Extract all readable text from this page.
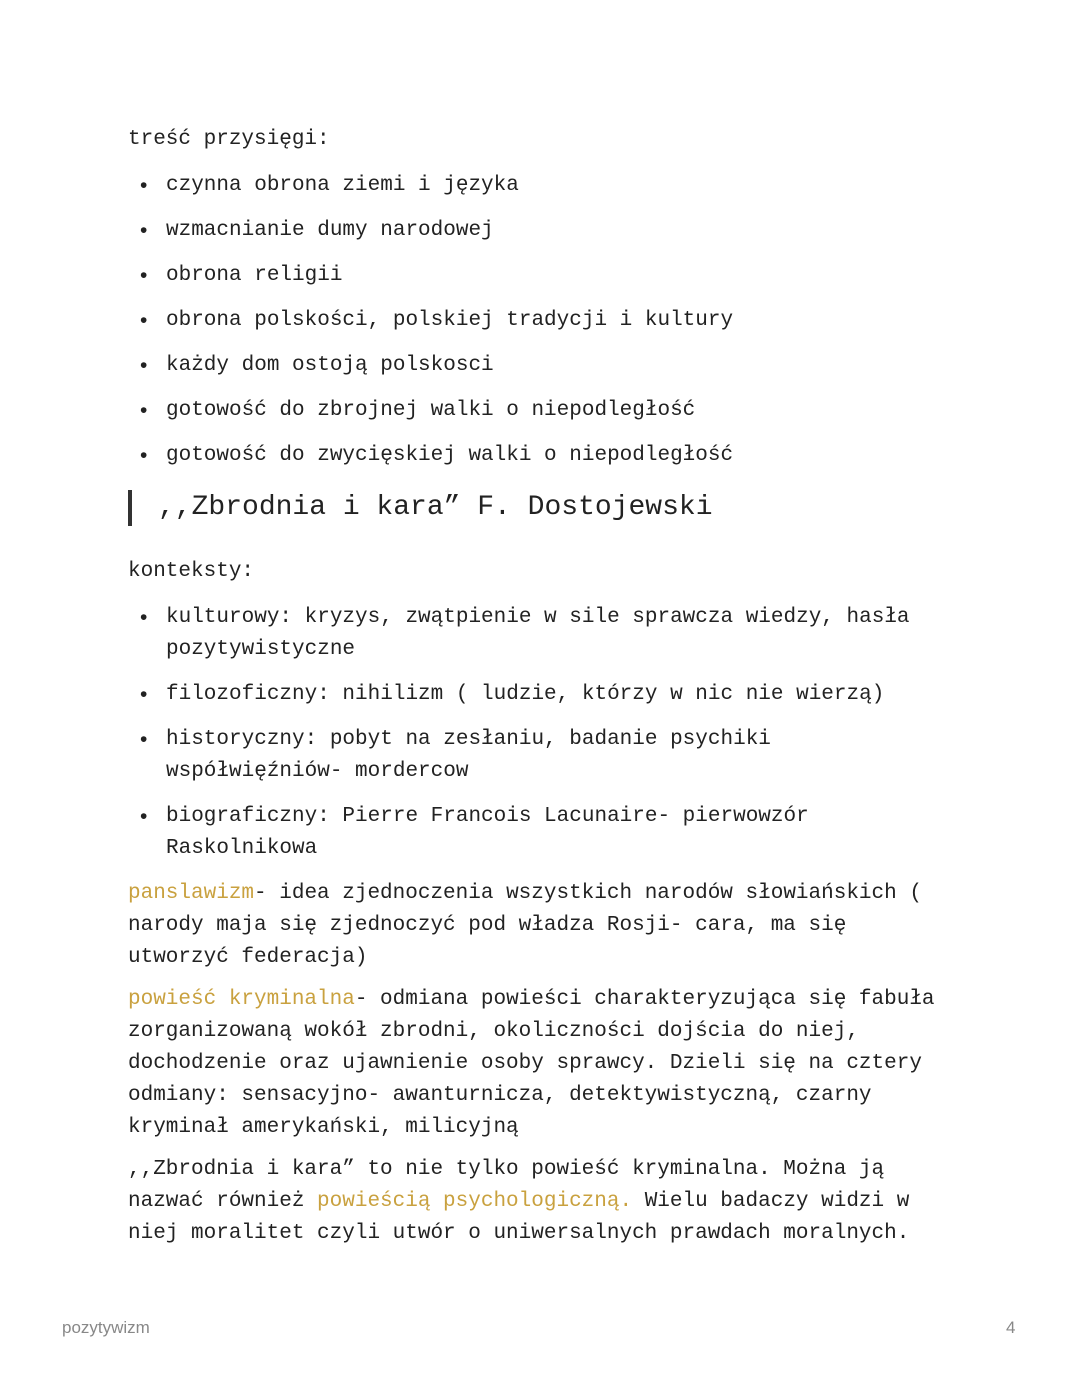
treść przysięgi:

• czynna obrona ziemi i języka
• wzmacnianie dumy narodowej
• obrona religii
• obrona polskości, polskiej tradycji i kultury
• każdy dom ostoją polskosci
• gotowość do zbrojnej walki o niepodległość
• gotowość do zwycięskiej walki o niepodległość
,,Zbrodnia i kara” F. Dostojewski

konteksty:

• kulturowy: kryzys, zwątpienie w sile sprawcza wiedzy, hasła pozytywistyczne
• filozoficzny: nihilizm ( ludzie, którzy w nic nie wierzą)
• historyczny: pobyt na zesłaniu, badanie psychiki współwięźniów- mordercow
• biograficzny: Pierre Francois Lacunaire- pierwowzór Raskolnikowa

panslawizm- idea zjednoczenia wszystkich narodów słowiańskich ( narody maja się zjednoczyć pod władza Rosji- cara, ma się utworzyć federacja)

powieść kryminalna- odmiana powieści charakteryzująca się fabuła zorganizowaną wokół zbrodni, okoliczności dojścia do niej, dochodzenie oraz ujawnienie osoby sprawcy. Dzieli się na cztery odmiany: sensacyjno- awanturnicza, detektywistyczną, czarny kryminał amerykański, milicyjną

,,Zbrodnia i kara” to nie tylko powieść kryminalna. Można ją nazwać również powieścią psychologiczną. Wielu badaczy widzi w niej moralitet czyli utwór o uniwersalnych prawdach moralnych.

pozytywizm	4
